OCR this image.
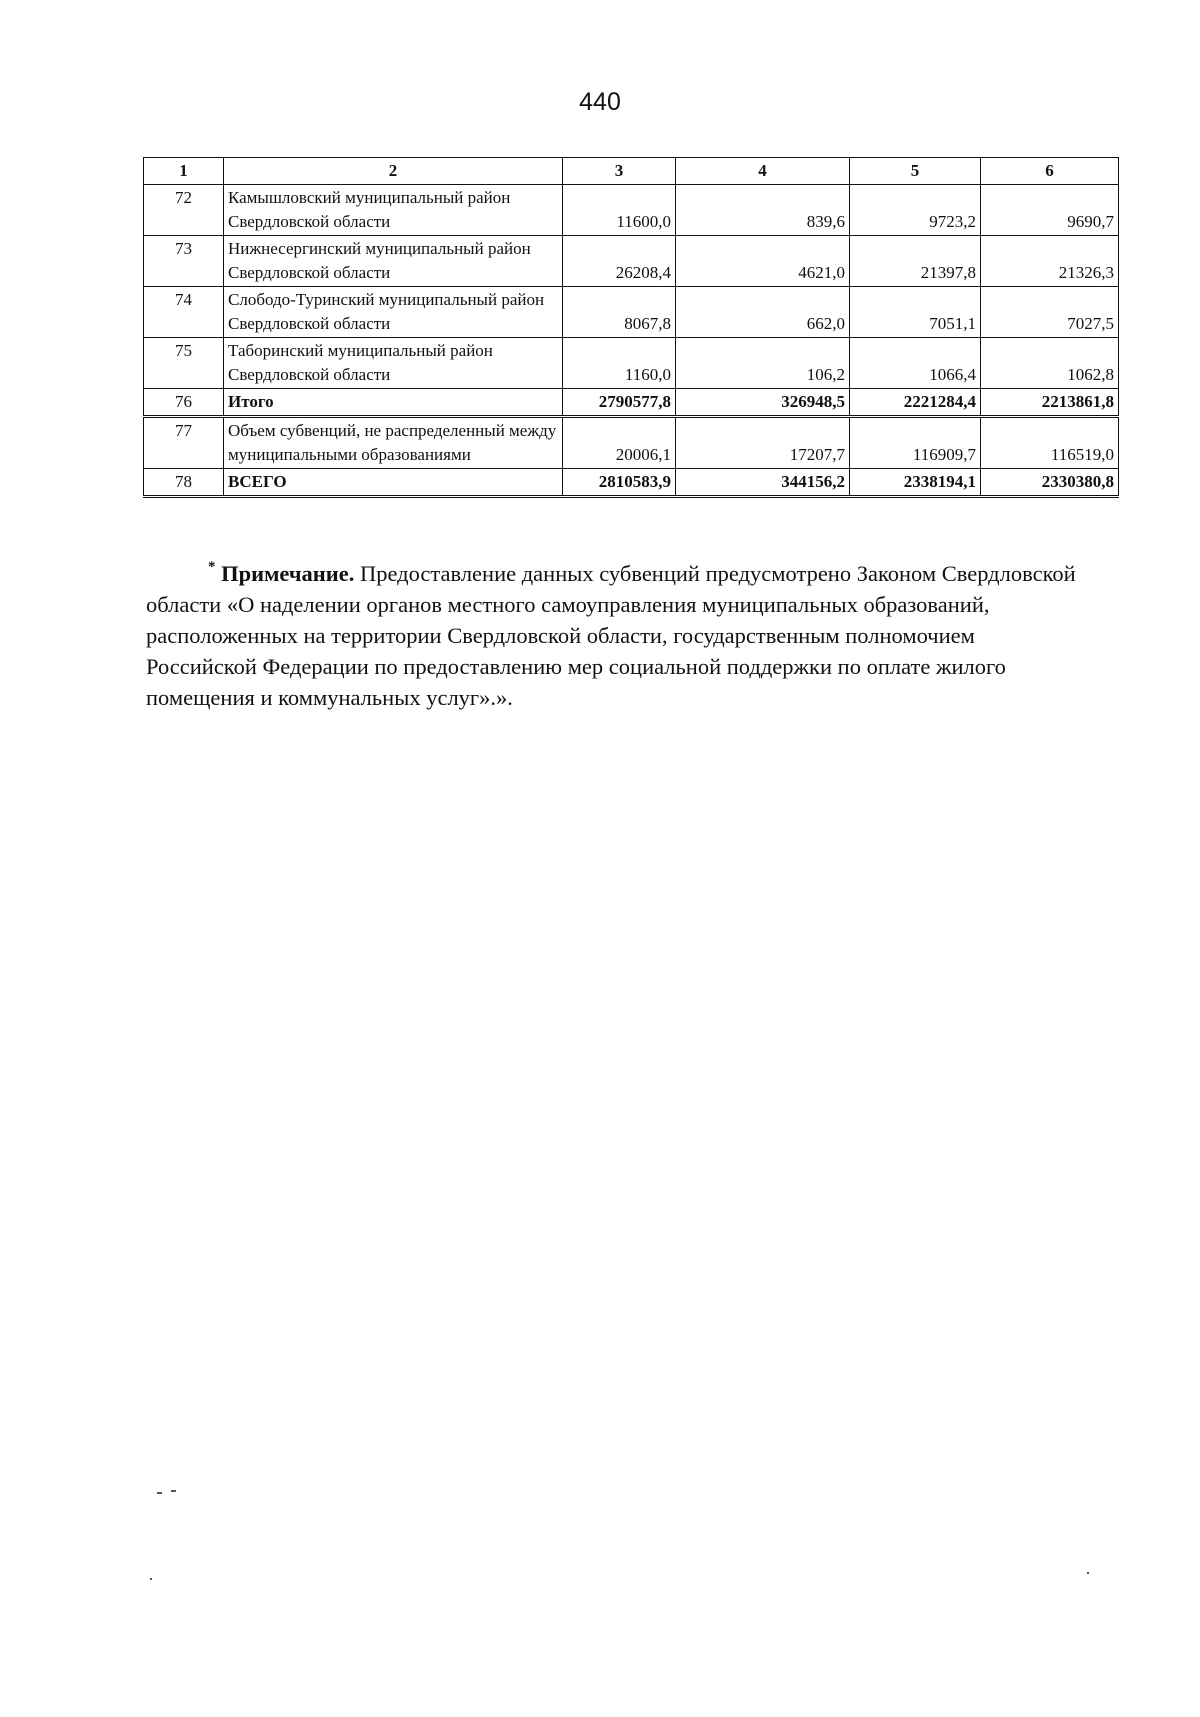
440
1	2	3	4	5	6
72	Камышловский муниципальный район Свердловской области	11600,0	839,6	9723,2	9690,7
73	Нижнесергинский муниципальный район Свердловской области	26208,4	4621,0	21397,8	21326,3
74	Слободо-Туринский муниципальный район Свердловской области	8067,8	662,0	7051,1	7027,5
75	Таборинский муниципальный район Свердловской области	1160,0	106,2	1066,4	1062,8
76	Итого	2790577,8	326948,5	2221284,4	2213861,8
77	Объем субвенций, не распределенный между муниципальными образованиями	20006,1	17207,7	116909,7	116519,0
78	ВСЕГО	2810583,9	344156,2	2338194,1	2330380,8
* Примечание. Предоставление данных субвенций предусмотрено Законом Свердловской области «О наделении органов местного самоуправления муниципальных образований, расположенных на территории Свердловской области, государственным полномочием Российской Федерации по предоставлению мер социальной поддержки по оплате жилого помещения и коммунальных услуг».».
